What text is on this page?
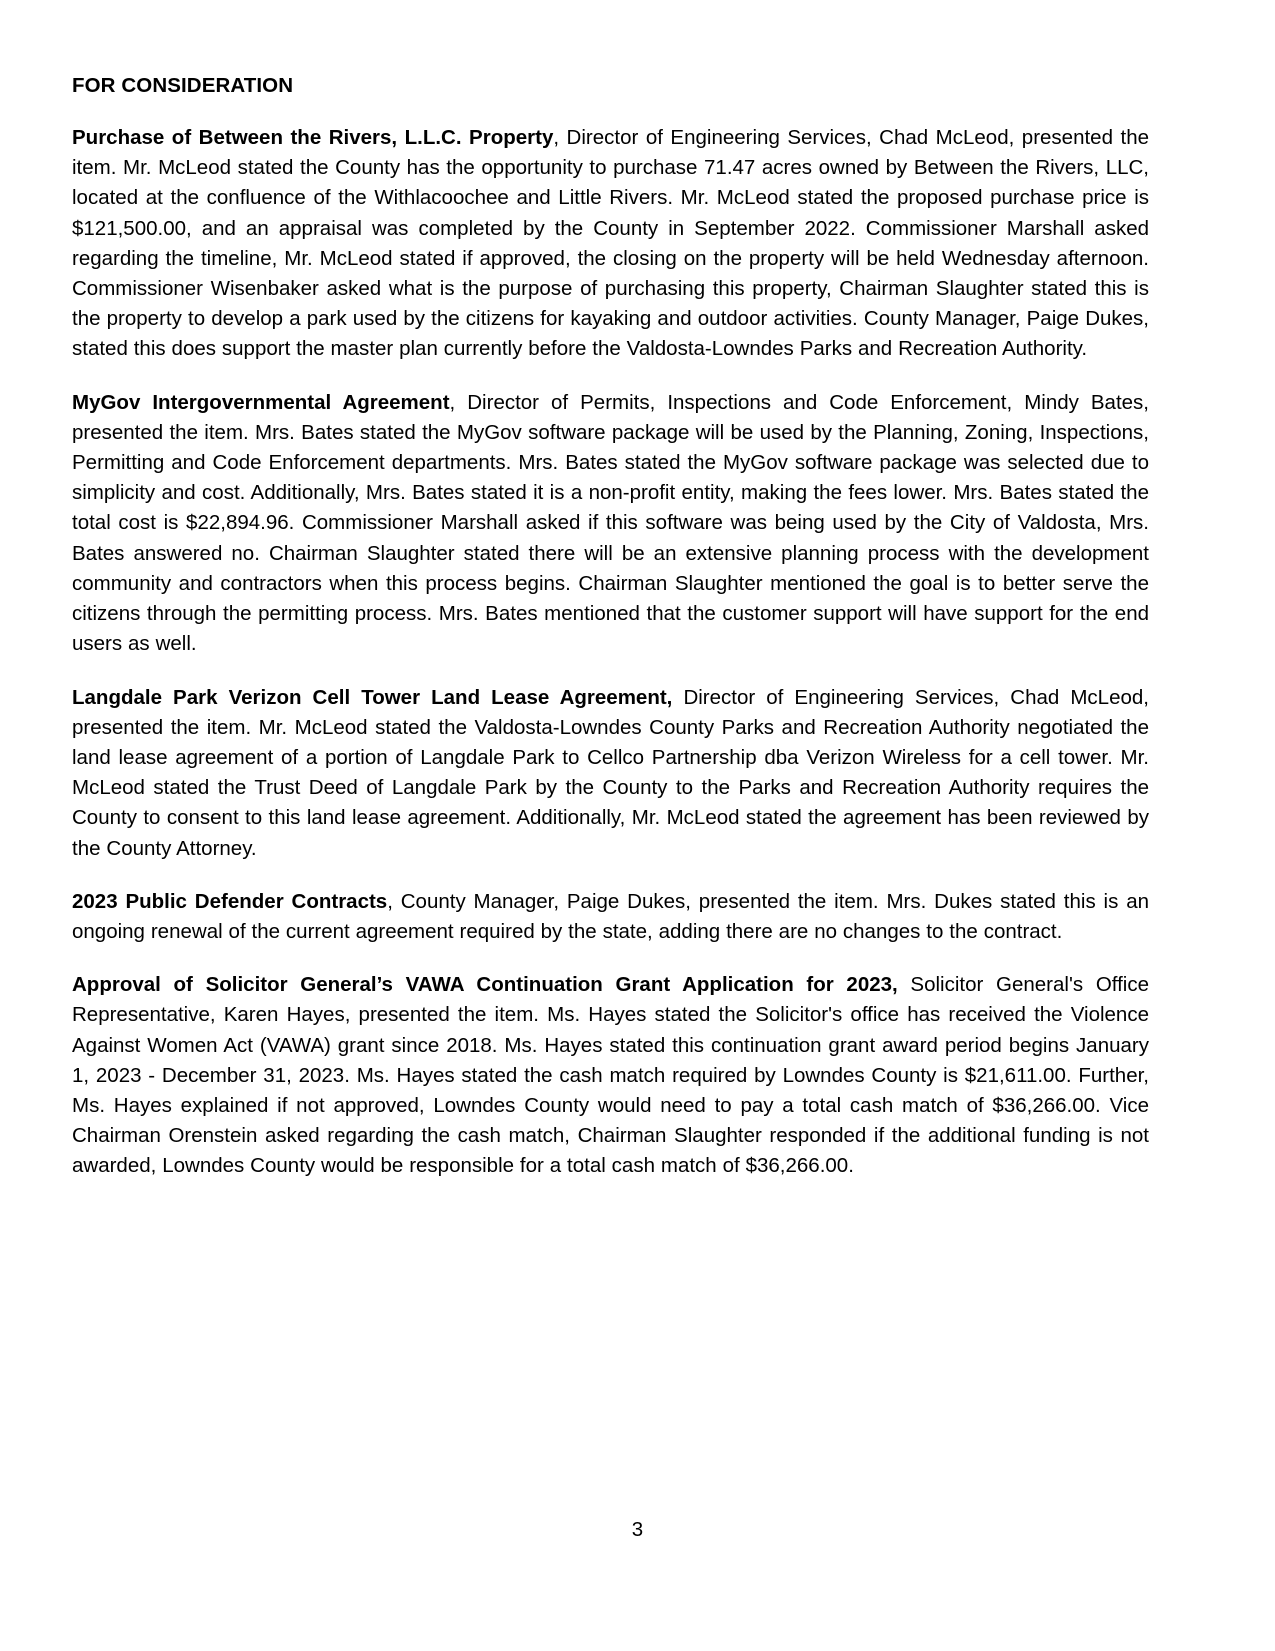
FOR CONSIDERATION

Purchase of Between the Rivers, L.L.C. Property, Director of Engineering Services, Chad McLeod, presented the item. Mr. McLeod stated the County has the opportunity to purchase 71.47 acres owned by Between the Rivers, LLC, located at the confluence of the Withlacoochee and Little Rivers. Mr. McLeod stated the proposed purchase price is $121,500.00, and an appraisal was completed by the County in September 2022. Commissioner Marshall asked regarding the timeline, Mr. McLeod stated if approved, the closing on the property will be held Wednesday afternoon. Commissioner Wisenbaker asked what is the purpose of purchasing this property, Chairman Slaughter stated this is the property to develop a park used by the citizens for kayaking and outdoor activities. County Manager, Paige Dukes, stated this does support the master plan currently before the Valdosta-Lowndes Parks and Recreation Authority.

MyGov Intergovernmental Agreement, Director of Permits, Inspections and Code Enforcement, Mindy Bates, presented the item. Mrs. Bates stated the MyGov software package will be used by the Planning, Zoning, Inspections, Permitting and Code Enforcement departments. Mrs. Bates stated the MyGov software package was selected due to simplicity and cost. Additionally, Mrs. Bates stated it is a non-profit entity, making the fees lower. Mrs. Bates stated the total cost is $22,894.96. Commissioner Marshall asked if this software was being used by the City of Valdosta, Mrs. Bates answered no. Chairman Slaughter stated there will be an extensive planning process with the development community and contractors when this process begins. Chairman Slaughter mentioned the goal is to better serve the citizens through the permitting process. Mrs. Bates mentioned that the customer support will have support for the end users as well.

Langdale Park Verizon Cell Tower Land Lease Agreement, Director of Engineering Services, Chad McLeod, presented the item. Mr. McLeod stated the Valdosta-Lowndes County Parks and Recreation Authority negotiated the land lease agreement of a portion of Langdale Park to Cellco Partnership dba Verizon Wireless for a cell tower. Mr. McLeod stated the Trust Deed of Langdale Park by the County to the Parks and Recreation Authority requires the County to consent to this land lease agreement. Additionally, Mr. McLeod stated the agreement has been reviewed by the County Attorney.

2023 Public Defender Contracts, County Manager, Paige Dukes, presented the item. Mrs. Dukes stated this is an ongoing renewal of the current agreement required by the state, adding there are no changes to the contract.

Approval of Solicitor General’s VAWA Continuation Grant Application for 2023, Solicitor General's Office Representative, Karen Hayes, presented the item. Ms. Hayes stated the Solicitor's office has received the Violence Against Women Act (VAWA) grant since 2018. Ms. Hayes stated this continuation grant award period begins January 1, 2023 - December 31, 2023. Ms. Hayes stated the cash match required by Lowndes County is $21,611.00. Further, Ms. Hayes explained if not approved, Lowndes County would need to pay a total cash match of $36,266.00. Vice Chairman Orenstein asked regarding the cash match, Chairman Slaughter responded if the additional funding is not awarded, Lowndes County would be responsible for a total cash match of $36,266.00.

3
